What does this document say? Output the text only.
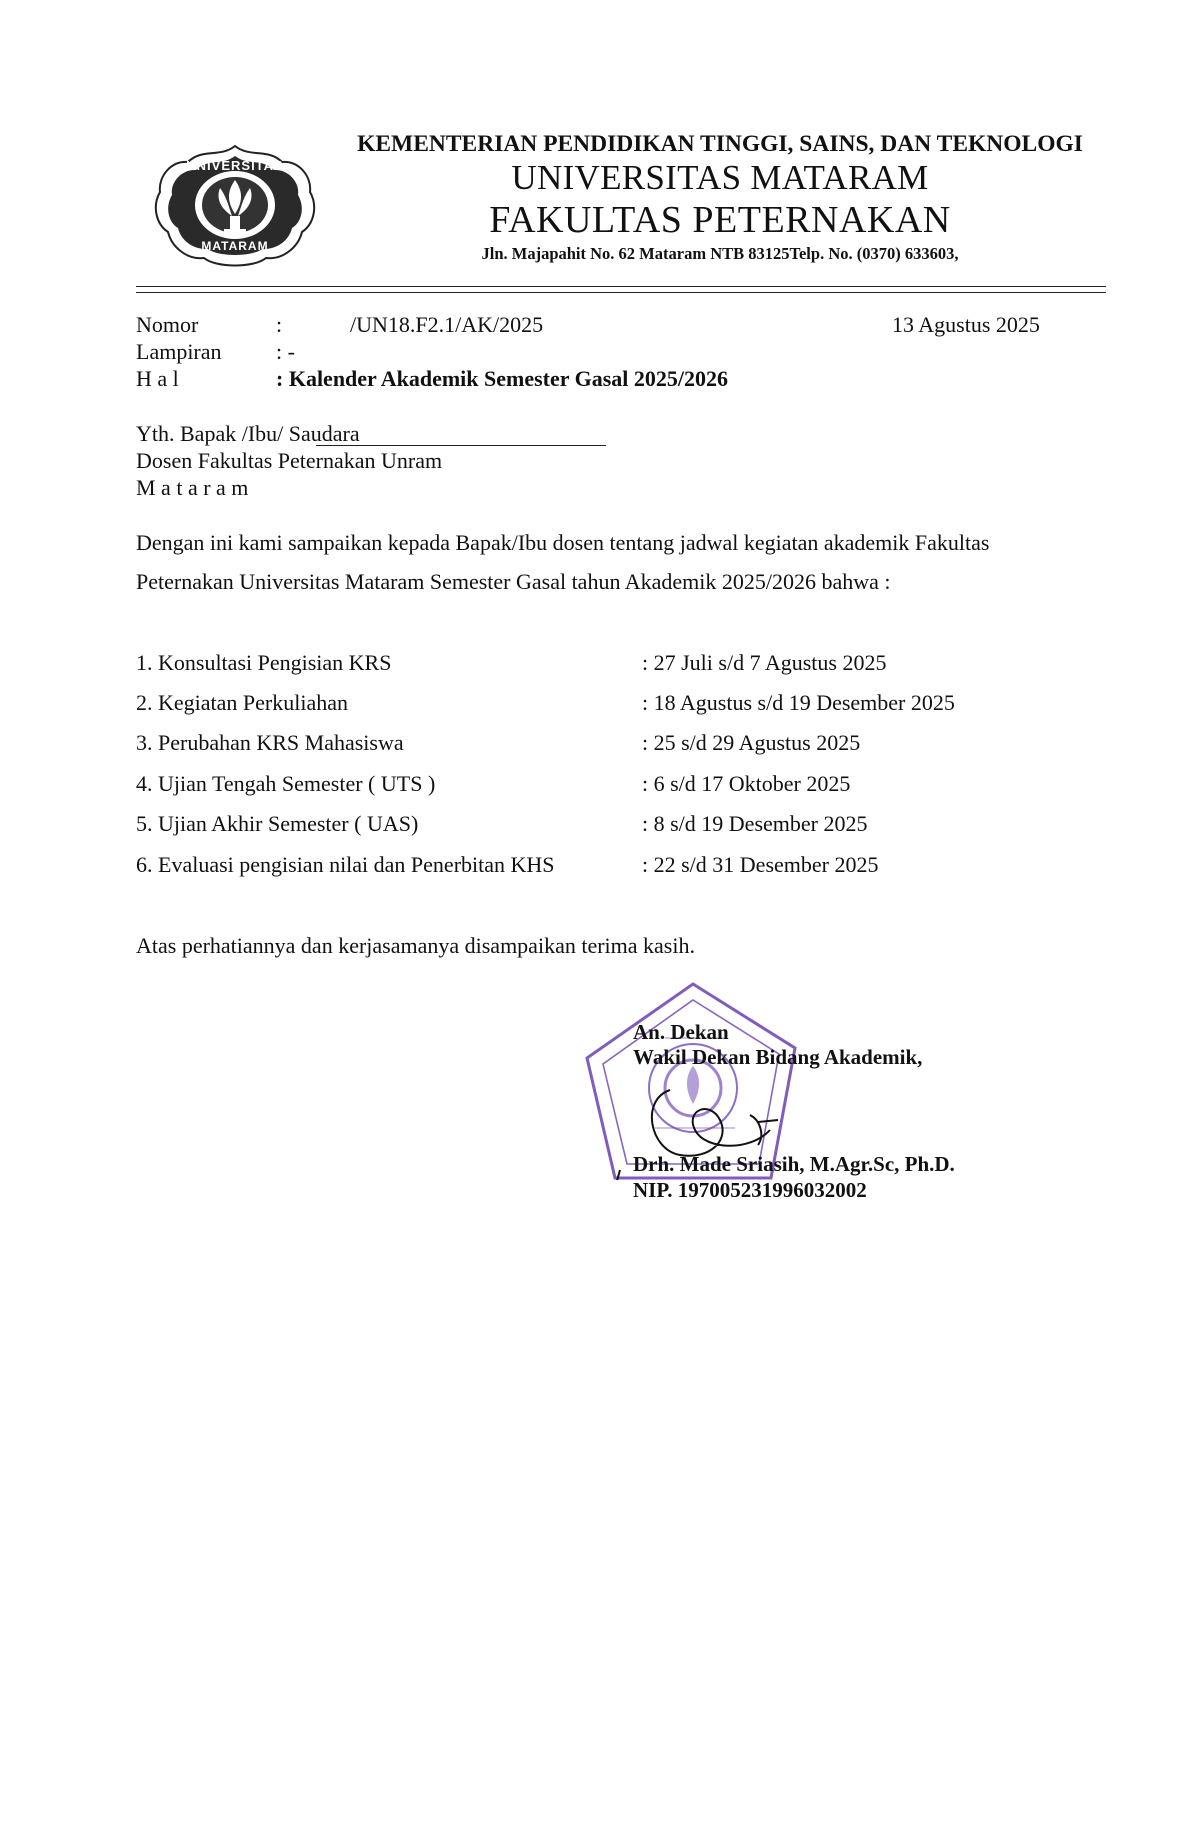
UNIVERSITAS
MATARAM
KEMENTERIAN PENDIDIKAN TINGGI, SAINS, DAN TEKNOLOGI
UNIVERSITAS MATARAM
FAKULTAS PETERNAKAN
Jln. Majapahit No. 62 Mataram NTB 83125Telp. No. (0370) 633603,
Nomor	:	/UN18.F2.1/AK/2025	13 Agustus 2025
Lampiran : -
H a l	: Kalender Akademik Semester Gasal 2025/2026
Yth. Bapak /Ibu/ Saudara
Dosen Fakultas Peternakan Unram
M a t a r a m
Dengan ini kami sampaikan kepada Bapak/Ibu dosen tentang jadwal kegiatan akademik Fakultas
Peternakan Universitas Mataram Semester Gasal tahun Akademik 2025/2026 bahwa :
1. Konsultasi Pengisian KRS	: 27 Juli s/d 7 Agustus 2025
2. Kegiatan Perkuliahan	: 18 Agustus s/d 19 Desember 2025
3. Perubahan KRS Mahasiswa	: 25 s/d 29 Agustus 2025
4. Ujian Tengah Semester ( UTS )	: 6 s/d 17 Oktober 2025
5. Ujian Akhir Semester ( UAS)	: 8 s/d 19 Desember 2025
6. Evaluasi pengisian nilai dan Penerbitan KHS	: 22 s/d 31 Desember 2025
Atas perhatiannya dan kerjasamanya disampaikan terima kasih.
An. Dekan
Wakil Dekan Bidang Akademik,
Drh. Made Sriasih, M.Agr.Sc, Ph.D.
NIP. 197005231996032002
